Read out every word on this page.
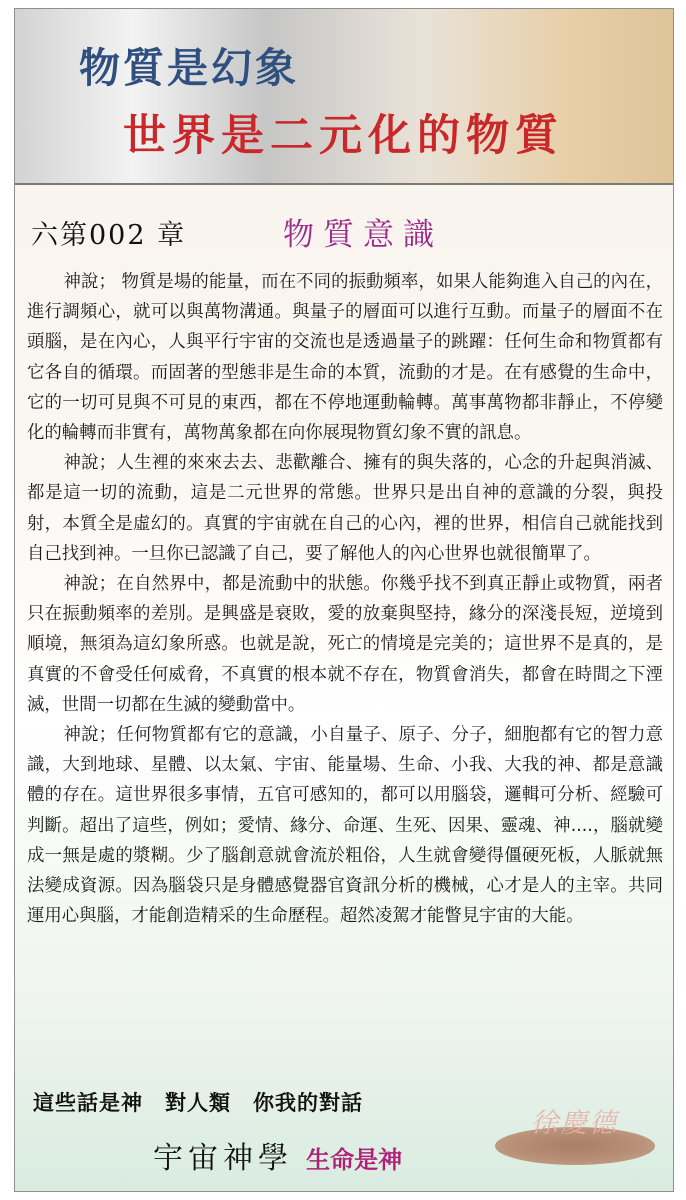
物質是幻象
世界是二元化的物質
六第002 章	物質意識

神說； 物質是場的能量，而在不同的振動頻率，如果人能夠進入自己的內在，進行調頻心，就可以與萬物溝通。與量子的層面可以進行互動。而量子的層面不在頭腦，是在內心，人與平行宇宙的交流也是透過量子的跳躍：任何生命和物質都有它各自的循環。而固著的型態非是生命的本質，流動的才是。在有感覺的生命中，它的一切可見與不可見的東西，都在不停地運動輪轉。萬事萬物都非靜止，不停變化的輪轉而非實有，萬物萬象都在向你展現物質幻象不實的訊息。

神說；人生裡的來來去去、悲歡離合、擁有的與失落的，心念的升起與消滅、都是這一切的流動，這是二元世界的常態。世界只是出自神的意識的分裂，與投射，本質全是虛幻的。真實的宇宙就在自己的心內，裡的世界，相信自己就能找到自己找到神。一旦你已認識了自己，要了解他人的內心世界也就很簡單了。

神說；在自然界中，都是流動中的狀態。你幾乎找不到真正靜止或物質，兩者只在振動頻率的差別。是興盛是衰敗，愛的放棄與堅持，緣分的深淺長短，逆境到順境，無須為這幻象所惑。也就是說，死亡的情境是完美的；這世界不是真的，是真實的不會受任何威脅，不真實的根本就不存在，物質會消失，都會在時間之下湮滅，世間一切都在生滅的變動當中。

神說；任何物質都有它的意識，小自量子、原子、分子，細胞都有它的智力意識，大到地球、星體、以太氣、宇宙、能量場、生命、小我、大我的神、都是意識體的存在。這世界很多事情，五官可感知的，都可以用腦袋，邏輯可分析、經驗可判斷。超出了這些，例如；愛情、緣分、命運、生死、因果、靈魂、神....，腦就變成一無是處的漿糊。少了腦創意就會流於粗俗，人生就會變得僵硬死板，人脈就無法變成資源。因為腦袋只是身體感覺器官資訊分析的機械，心才是人的主宰。共同運用心與腦，才能創造精采的生命歷程。超然凌駕才能瞥見宇宙的大能。

這些話是神　對人類　你我的對話
宇宙神學 生命是神
徐慶德
